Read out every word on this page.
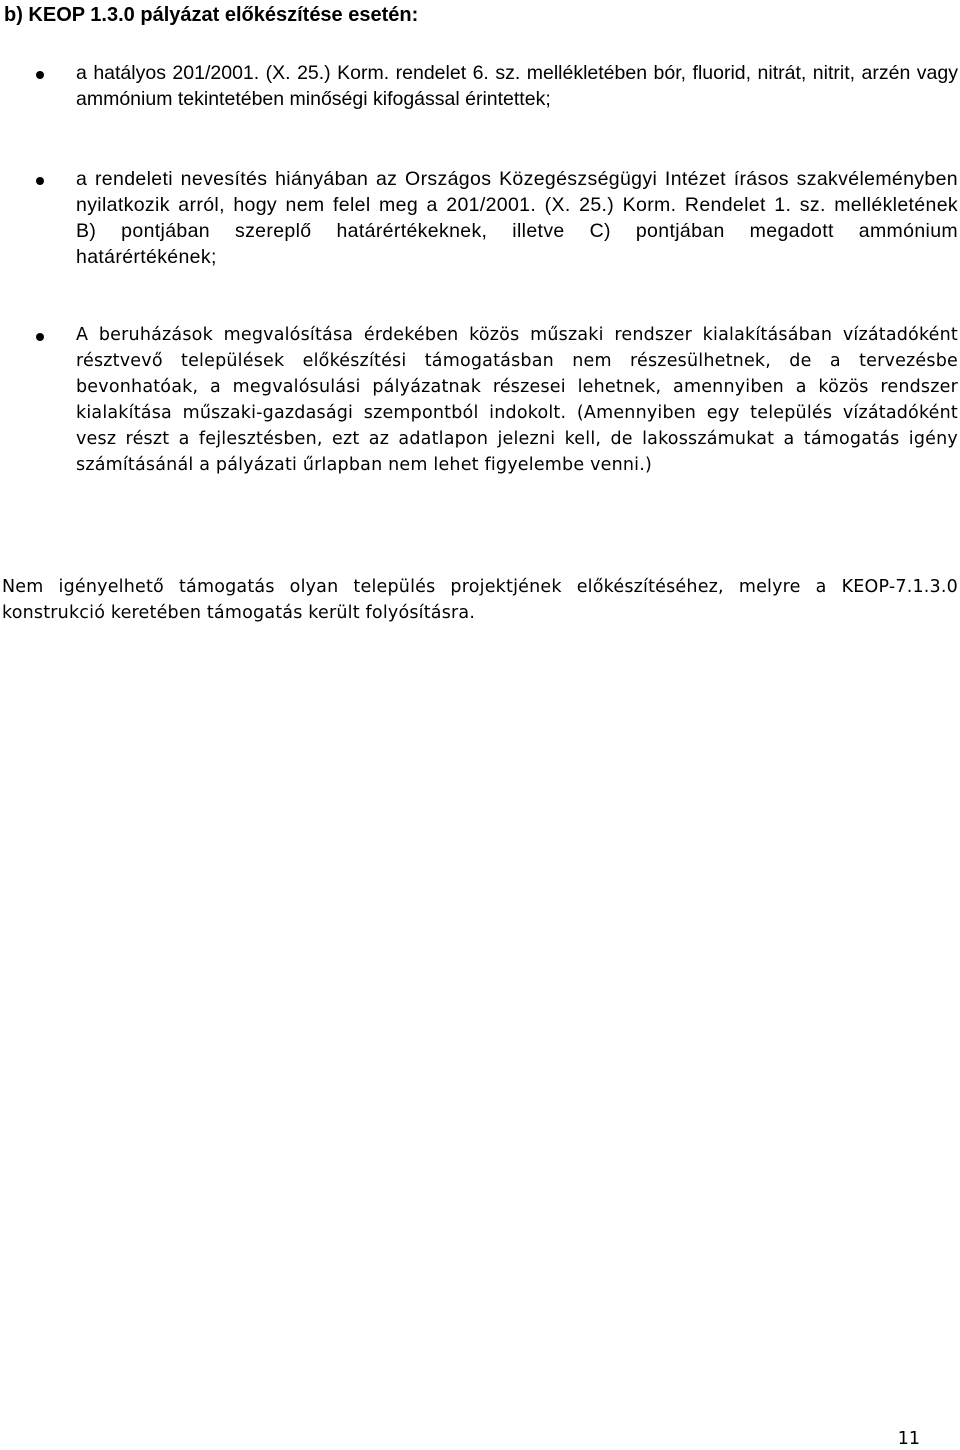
b) KEOP 1.3.0 pályázat előkészítése esetén:

a hatályos 201/2001. (X. 25.) Korm. rendelet 6. sz. mellékletében bór, fluorid, nitrát, nitrit, arzén vagy ammónium tekintetében minőségi kifogással érintettek;

a rendeleti nevesítés hiányában az Országos Közegészségügyi Intézet írásos szakvéleményben nyilatkozik arról, hogy nem felel meg a 201/2001. (X. 25.) Korm. Rendelet 1. sz. mellékletének B) pontjában szereplő határértékeknek, illetve C) pontjában megadott ammónium határértékének;

A beruházások megvalósítása érdekében közös műszaki rendszer kialakításában vízátadóként résztvevő települések előkészítési támogatásban nem részesülhetnek, de a tervezésbe bevonhatóak, a megvalósulási pályázatnak részesei lehetnek, amennyiben a közös rendszer kialakítása műszaki-gazdasági szempontból indokolt. (Amennyiben egy település vízátadóként vesz részt a fejlesztésben, ezt az adatlapon jelezni kell, de lakosszámukat a támogatás igény számításánál a pályázati űrlapban nem lehet figyelembe venni.)

Nem igényelhető támogatás olyan település projektjének előkészítéséhez, melyre a KEOP-7.1.3.0 konstrukció keretében támogatás került folyósításra.

11
